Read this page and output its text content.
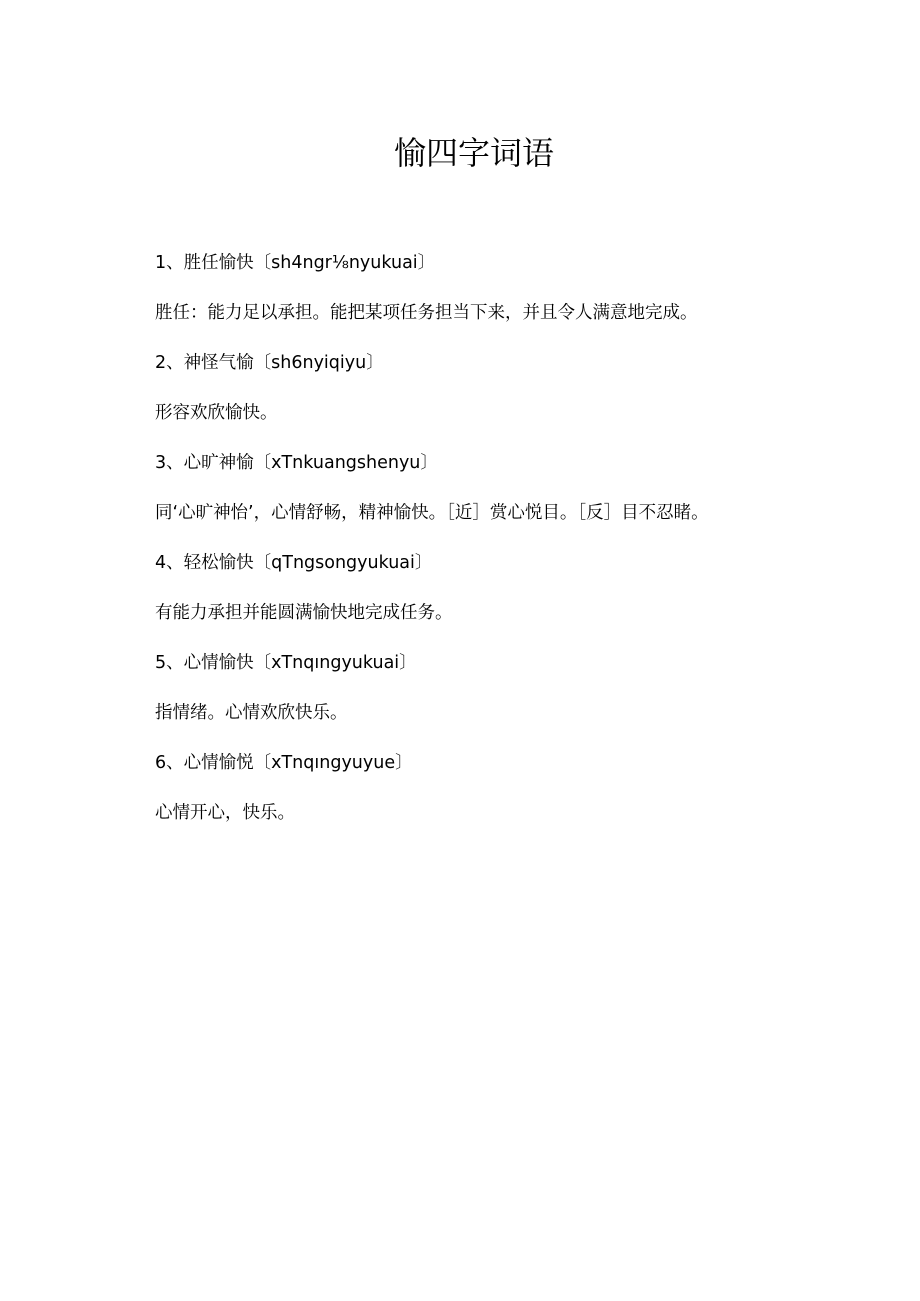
愉四字词语
1、胜任愉快〔sh4ngr⅛nyukuai〕
胜任：能力足以承担。能把某项任务担当下来，并且令人满意地完成。
2、神怪气愉〔sh6nyiqiyu〕
形容欢欣愉快。
3、心旷神愉〔xTnkuangshenyu〕
同‘心旷神怡’，心情舒畅，精神愉快。［近］赏心悦目。［反］目不忍睹。
4、轻松愉快〔qTngsongyukuai〕
有能力承担并能圆满愉快地完成任务。
5、心情愉快〔xTnqıngyukuai〕
指情绪。心情欢欣快乐。
6、心情愉悦〔xTnqıngyuyue〕
心情开心，快乐。
